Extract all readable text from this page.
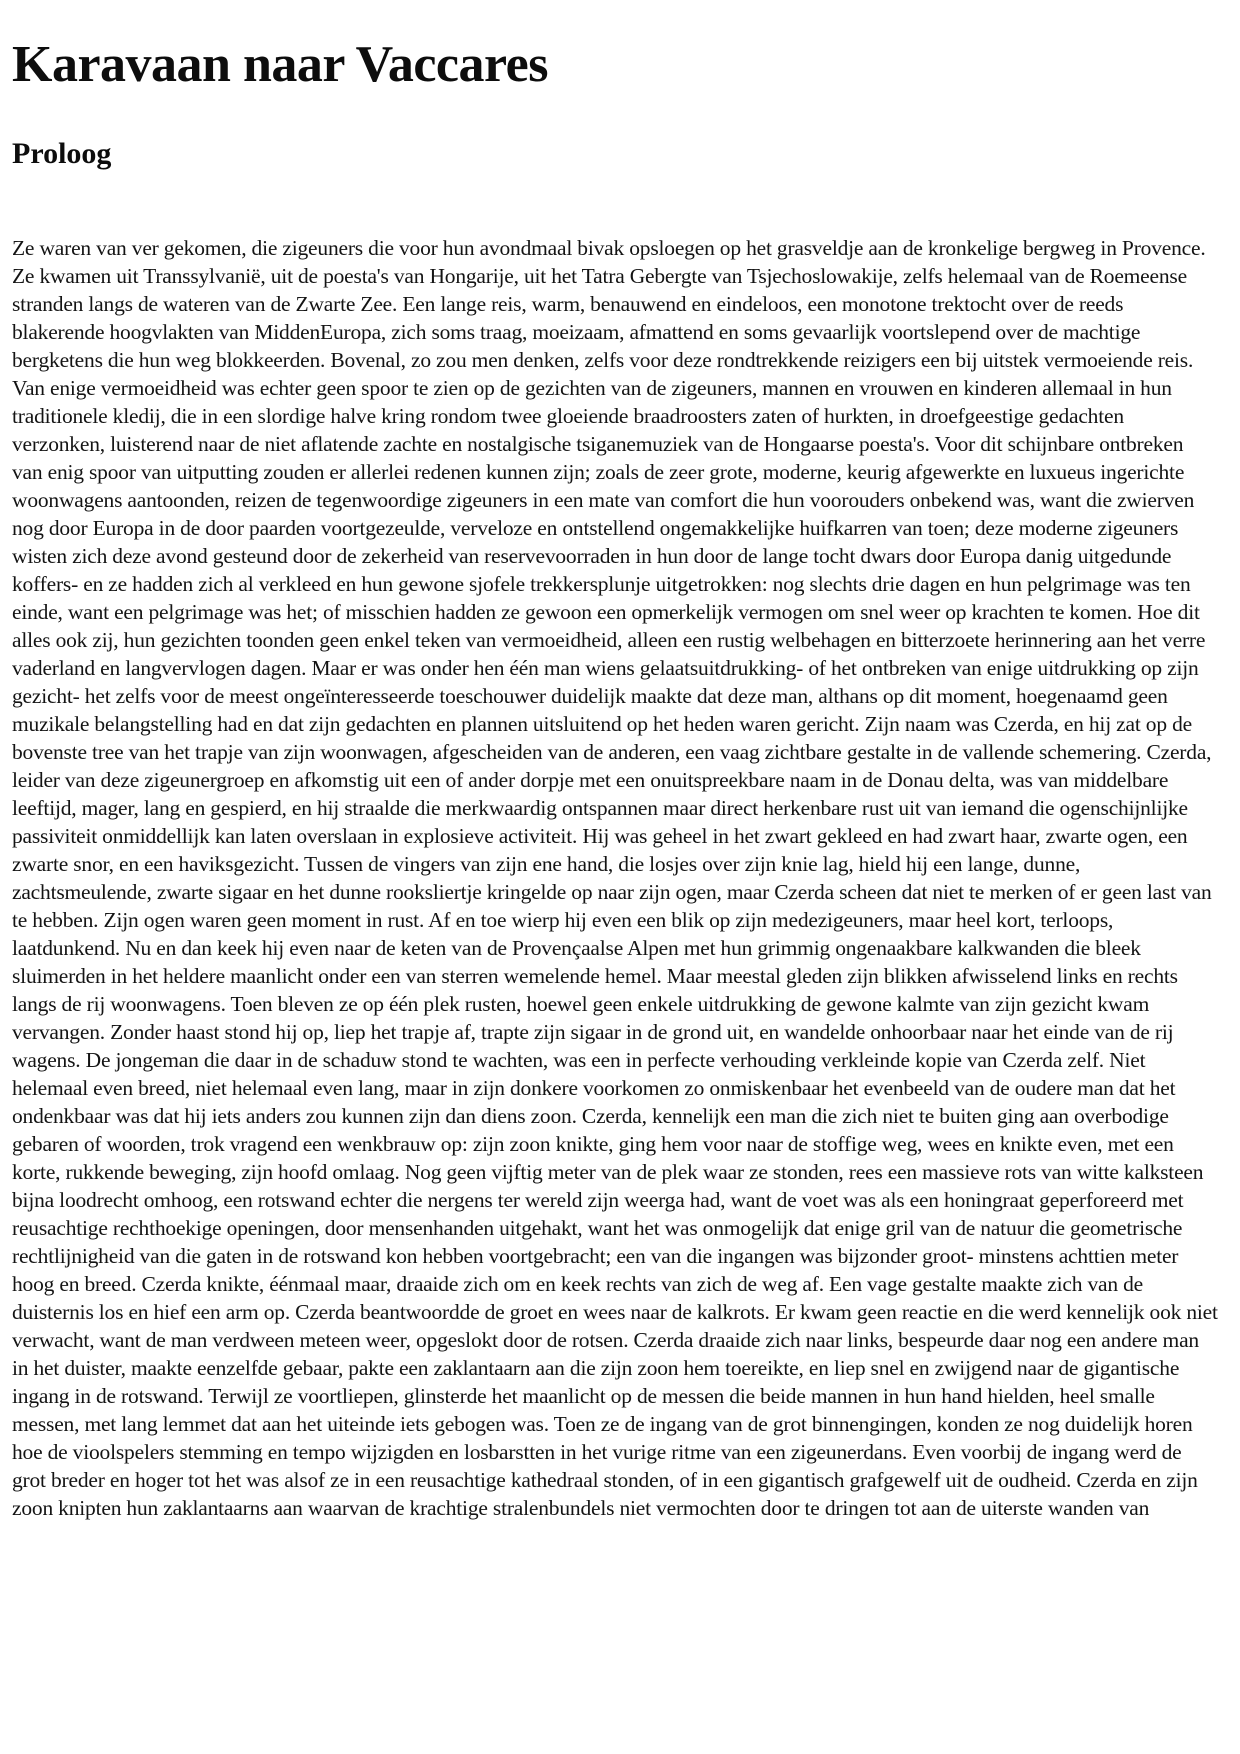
Karavaan naar Vaccares
Proloog

Ze waren van ver gekomen, die zigeuners die voor hun avondmaal bivak opsloegen op het grasveldje aan de kronkelige bergweg in Provence. Ze kwamen uit Transsylvanië, uit de poesta's van Hongarije, uit het Tatra Gebergte van Tsjechoslowakije, zelfs helemaal van de Roemeense stranden langs de wateren van de Zwarte Zee. Een lange reis, warm, benauwend en eindeloos, een monotone trektocht over de reeds blakerende hoogvlakten van MiddenEuropa, zich soms traag, moeizaam, afmattend en soms gevaarlijk voortslepend over de machtige bergketens die hun weg blokkeerden. Bovenal, zo zou men denken, zelfs voor deze rondtrekkende reizigers een bij uitstek vermoeiende reis. Van enige vermoeidheid was echter geen spoor te zien op de gezichten van de zigeuners, mannen en vrouwen en kinderen allemaal in hun traditionele kledij, die in een slordige halve kring rondom twee gloeiende braadroosters zaten of hurkten, in droefgeestige gedachten verzonken, luisterend naar de niet aflatende zachte en nostalgische tsiganemuziek van de Hongaarse poesta's. Voor dit schijnbare ontbreken van enig spoor van uitputting zouden er allerlei redenen kunnen zijn; zoals de zeer grote, moderne, keurig afgewerkte en luxueus ingerichte woonwagens aantoonden, reizen de tegenwoordige zigeuners in een mate van comfort die hun voorouders onbekend was, want die zwierven nog door Europa in de door paarden voortgezeulde, verveloze en ontstellend ongemakkelijke huifkarren van toen; deze moderne zigeuners wisten zich deze avond gesteund door de zekerheid van reservevoorraden in hun door de lange tocht dwars door Europa danig uitgedunde koffers- en ze hadden zich al verkleed en hun gewone sjofele trekkersplunje uitgetrokken: nog slechts drie dagen en hun pelgrimage was ten einde, want een pelgrimage was het; of misschien hadden ze gewoon een opmerkelijk vermogen om snel weer op krachten te komen. Hoe dit alles ook zij, hun gezichten toonden geen enkel teken van vermoeidheid, alleen een rustig welbehagen en bitterzoete herinnering aan het verre vaderland en langvervlogen dagen. Maar er was onder hen één man wiens gelaatsuitdrukking- of het ontbreken van enige uitdrukking op zijn gezicht- het zelfs voor de meest ongeïnteresseerde toeschouwer duidelijk maakte dat deze man, althans op dit moment, hoegenaamd geen muzikale belangstelling had en dat zijn gedachten en plannen uitsluitend op het heden waren gericht. Zijn naam was Czerda, en hij zat op de bovenste tree van het trapje van zijn woonwagen, afgescheiden van de anderen, een vaag zichtbare gestalte in de vallende schemering. Czerda, leider van deze zigeunergroep en afkomstig uit een of ander dorpje met een onuitspreekbare naam in de Donau delta, was van middelbare leeftijd, mager, lang en gespierd, en hij straalde die merkwaardig ontspannen maar direct herkenbare rust uit van iemand die ogenschijnlijke passiviteit onmiddellijk kan laten overslaan in explosieve activiteit. Hij was geheel in het zwart gekleed en had zwart haar, zwarte ogen, een zwarte snor, en een haviksgezicht. Tussen de vingers van zijn ene hand, die losjes over zijn knie lag, hield hij een lange, dunne, zachtsmeulende, zwarte sigaar en het dunne rooksliertje kringelde op naar zijn ogen, maar Czerda scheen dat niet te merken of er geen last van te hebben. Zijn ogen waren geen moment in rust. Af en toe wierp hij even een blik op zijn medezigeuners, maar heel kort, terloops, laatdunkend. Nu en dan keek hij even naar de keten van de Provençaalse Alpen met hun grimmig ongenaakbare kalkwanden die bleek sluimerden in het heldere maanlicht onder een van sterren wemelende hemel. Maar meestal gleden zijn blikken afwisselend links en rechts langs de rij woonwagens. Toen bleven ze op één plek rusten, hoewel geen enkele uitdrukking de gewone kalmte van zijn gezicht kwam vervangen. Zonder haast stond hij op, liep het trapje af, trapte zijn sigaar in de grond uit, en wandelde onhoorbaar naar het einde van de rij wagens. De jongeman die daar in de schaduw stond te wachten, was een in perfecte verhouding verkleinde kopie van Czerda zelf. Niet helemaal even breed, niet helemaal even lang, maar in zijn donkere voorkomen zo onmiskenbaar het evenbeeld van de oudere man dat het ondenkbaar was dat hij iets anders zou kunnen zijn dan diens zoon. Czerda, kennelijk een man die zich niet te buiten ging aan overbodige gebaren of woorden, trok vragend een wenkbrauw op: zijn zoon knikte, ging hem voor naar de stoffige weg, wees en knikte even, met een korte, rukkende beweging, zijn hoofd omlaag. Nog geen vijftig meter van de plek waar ze stonden, rees een massieve rots van witte kalksteen bijna loodrecht omhoog, een rotswand echter die nergens ter wereld zijn weerga had, want de voet was als een honingraat geperforeerd met reusachtige rechthoekige openingen, door mensenhanden uitgehakt, want het was onmogelijk dat enige gril van de natuur die geometrische rechtlijnigheid van die gaten in de rotswand kon hebben voortgebracht; een van die ingangen was bijzonder groot- minstens achttien meter hoog en breed. Czerda knikte, éénmaal maar, draaide zich om en keek rechts van zich de weg af. Een vage gestalte maakte zich van de duisternis los en hief een arm op. Czerda beantwoordde de groet en wees naar de kalkrots. Er kwam geen reactie en die werd kennelijk ook niet verwacht, want de man verdween meteen weer, opgeslokt door de rotsen. Czerda draaide zich naar links, bespeurde daar nog een andere man in het duister, maakte eenzelfde gebaar, pakte een zaklantaarn aan die zijn zoon hem toereikte, en liep snel en zwijgend naar de gigantische ingang in de rotswand. Terwijl ze voortliepen, glinsterde het maanlicht op de messen die beide mannen in hun hand hielden, heel smalle messen, met lang lemmet dat aan het uiteinde iets gebogen was. Toen ze de ingang van de grot binnengingen, konden ze nog duidelijk horen hoe de vioolspelers stemming en tempo wijzigden en losbarstten in het vurige ritme van een zigeunerdans. Even voorbij de ingang werd de grot breder en hoger tot het was alsof ze in een reusachtige kathedraal stonden, of in een gigantisch grafgewelf uit de oudheid. Czerda en zijn zoon knipten hun zaklantaarns aan waarvan de krachtige stralenbundels niet vermochten door te dringen tot aan de uiterste wanden van
